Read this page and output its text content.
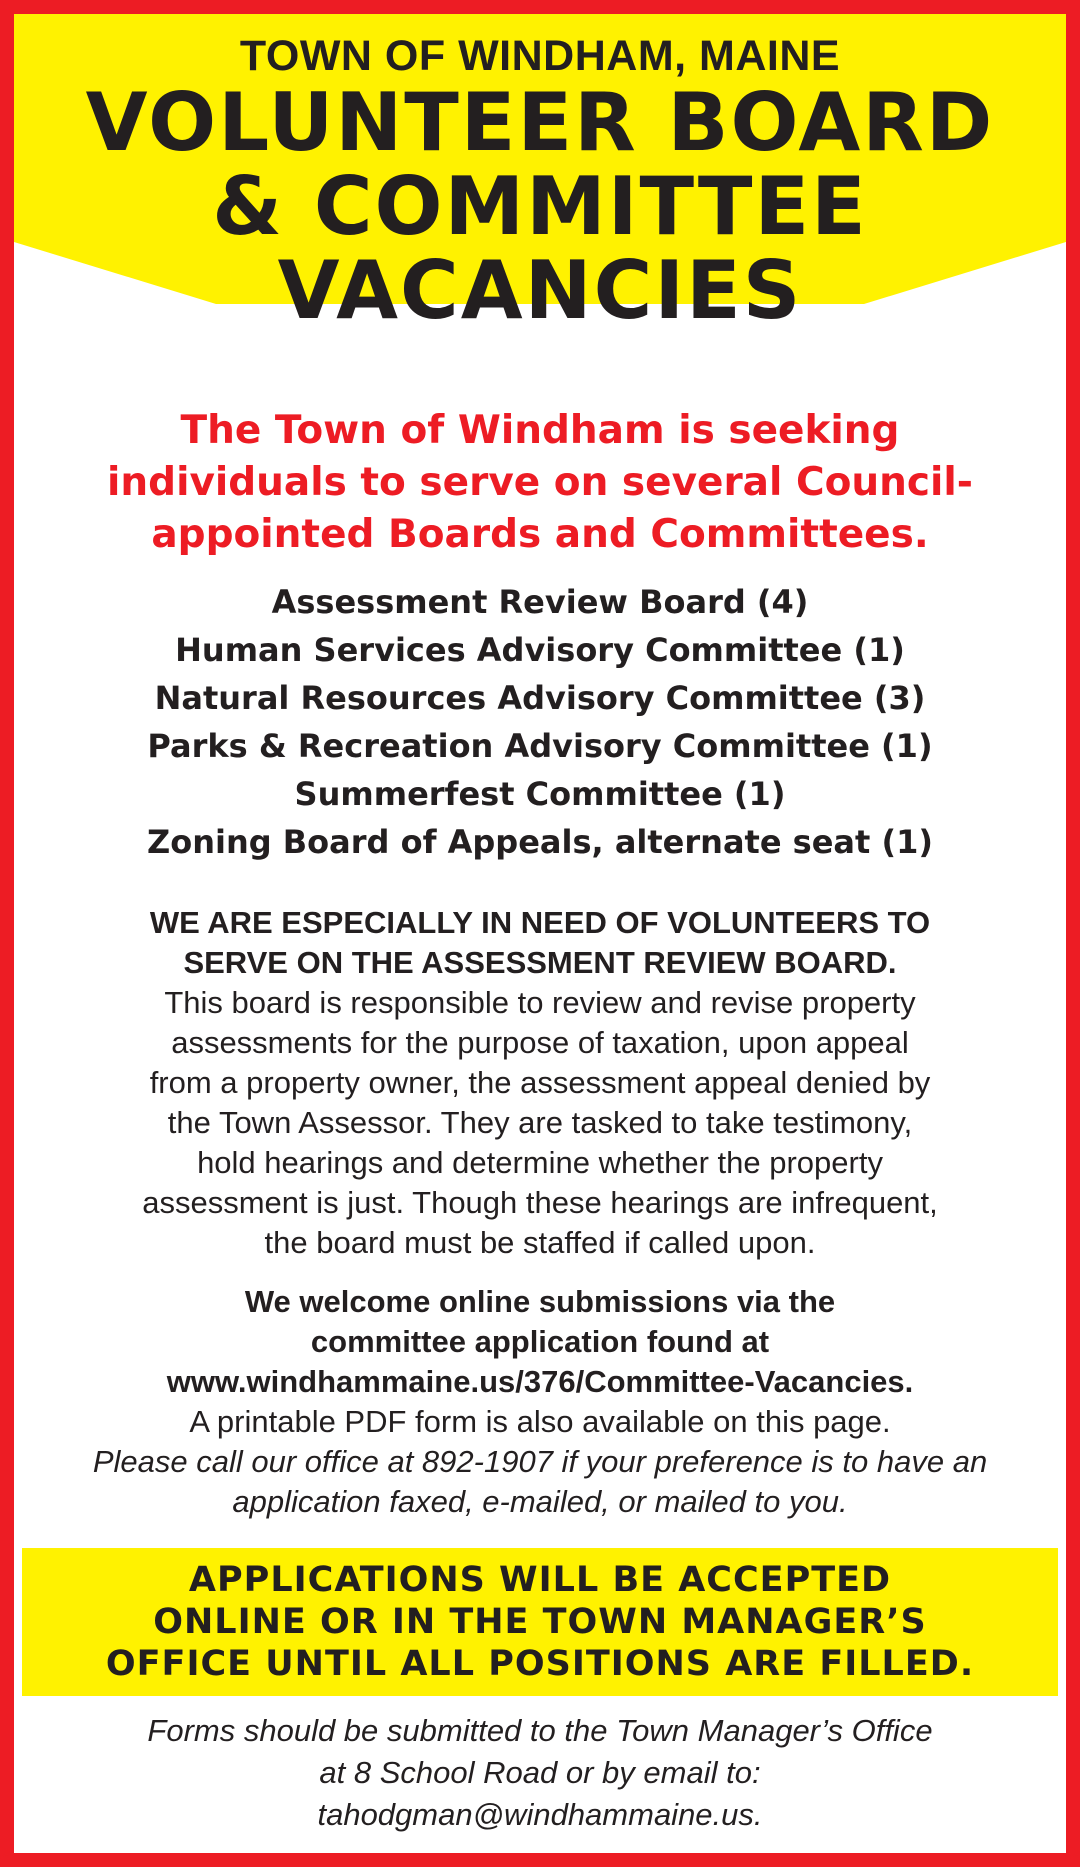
TOWN OF WINDHAM, MAINE
VOLUNTEER BOARD
& COMMITTEE
VACANCIES
The Town of Windham is seeking
individuals to serve on several Council-
appointed Boards and Committees.
Assessment Review Board (4)
Human Services Advisory Committee (1)
Natural Resources Advisory Committee (3)
Parks & Recreation Advisory Committee (1)
Summerfest Committee (1)
Zoning Board of Appeals, alternate seat (1)
WE ARE ESPECIALLY IN NEED OF VOLUNTEERS TO
SERVE ON THE ASSESSMENT REVIEW BOARD.
This board is responsible to review and revise property
assessments for the purpose of taxation, upon appeal
from a property owner, the assessment appeal denied by
the Town Assessor. They are tasked to take testimony,
hold hearings and determine whether the property
assessment is just. Though these hearings are infrequent,
the board must be staffed if called upon.
We welcome online submissions via the
committee application found at
www.windhammaine.us/376/Committee-Vacancies.
A printable PDF form is also available on this page.
Please call our office at 892-1907 if your preference is to have an
application faxed, e-mailed, or mailed to you.
APPLICATIONS WILL BE ACCEPTED
ONLINE OR IN THE TOWN MANAGER’S
OFFICE UNTIL ALL POSITIONS ARE FILLED.
Forms should be submitted to the Town Manager’s Office
at 8 School Road or by email to:
tahodgman@windhammaine.us.
